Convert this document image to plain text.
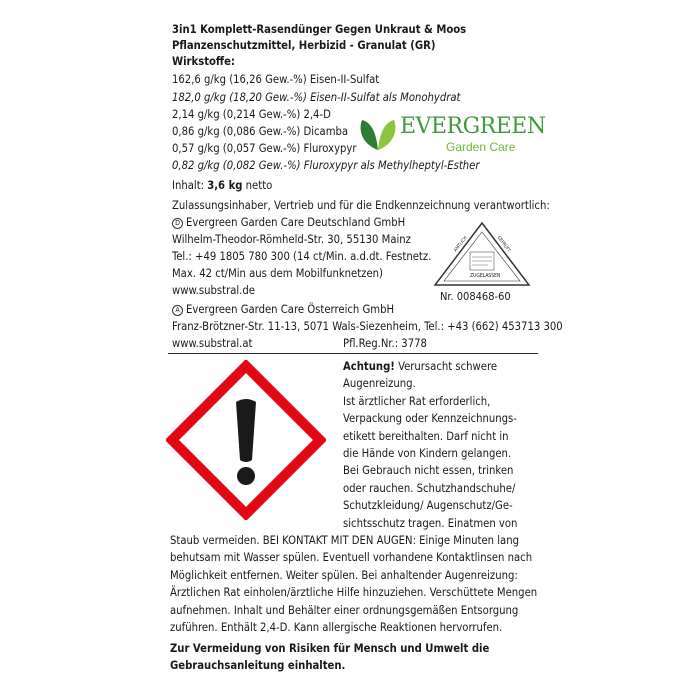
3in1 Komplett-Rasendünger Gegen Unkraut & Moos
Pflanzenschutzmittel, Herbizid - Granulat (GR)
Wirkstoffe:
162,6 g/kg (16,26 Gew.-%) Eisen-II-Sulfat
182,0 g/kg (18,20 Gew.-%) Eisen-II-Sulfat als Monohydrat
2,14 g/kg (0,214 Gew.-%) 2,4-D
0,86 g/kg (0,086 Gew.-%) Dicamba
0,57 g/kg (0,057 Gew.-%) Fluroxypyr
0,82 g/kg (0,082 Gew.-%) Fluroxypyr als Methylheptyl-Esther
Inhalt: 3,6 kg netto
EVERGREEN
Garden Care
Zulassungsinhaber, Vertrieb und für die Endkennzeichnung verantwortlich:
D Evergreen Garden Care Deutschland GmbH
Wilhelm-Theodor-Römheld-Str. 30, 55130 Mainz
Tel.: +49 1805 780 300 (14 ct/Min. a.d.dt. Festnetz.
Max. 42 ct/Min aus dem Mobilfunknetzen)
www.substral.de
AMTLICH	GEPRÜFT
ZUGELASSEN
Nr. 008468-60
A Evergreen Garden Care Österreich GmbH
Franz-Brötzner-Str. 11-13, 5071 Wals-Siezenheim, Tel.: +43 (662) 453713 300
www.substral.at	Pfl.Reg.Nr.: 3778
Achtung! Verursacht schwere
Augenreizung.
Ist ärztlicher Rat erforderlich,
Verpackung oder Kennzeichnungs-
etikett bereithalten. Darf nicht in
die Hände von Kindern gelangen.
Bei Gebrauch nicht essen, trinken
oder rauchen. Schutzhandschuhe/
Schutzkleidung/ Augenschutz/Ge-
sichtsschutz tragen. Einatmen von
Staub vermeiden. BEI KONTAKT MIT DEN AUGEN: Einige Minuten lang
behutsam mit Wasser spülen. Eventuell vorhandene Kontaktlinsen nach
Möglichkeit entfernen. Weiter spülen. Bei anhaltender Augenreizung:
Ärztlichen Rat einholen/ärztliche Hilfe hinzuziehen. Verschüttete Mengen
aufnehmen. Inhalt und Behälter einer ordnungsgemäßen Entsorgung
zuführen. Enthält 2,4-D. Kann allergische Reaktionen hervorrufen.
Zur Vermeidung von Risiken für Mensch und Umwelt die
Gebrauchsanleitung einhalten.
